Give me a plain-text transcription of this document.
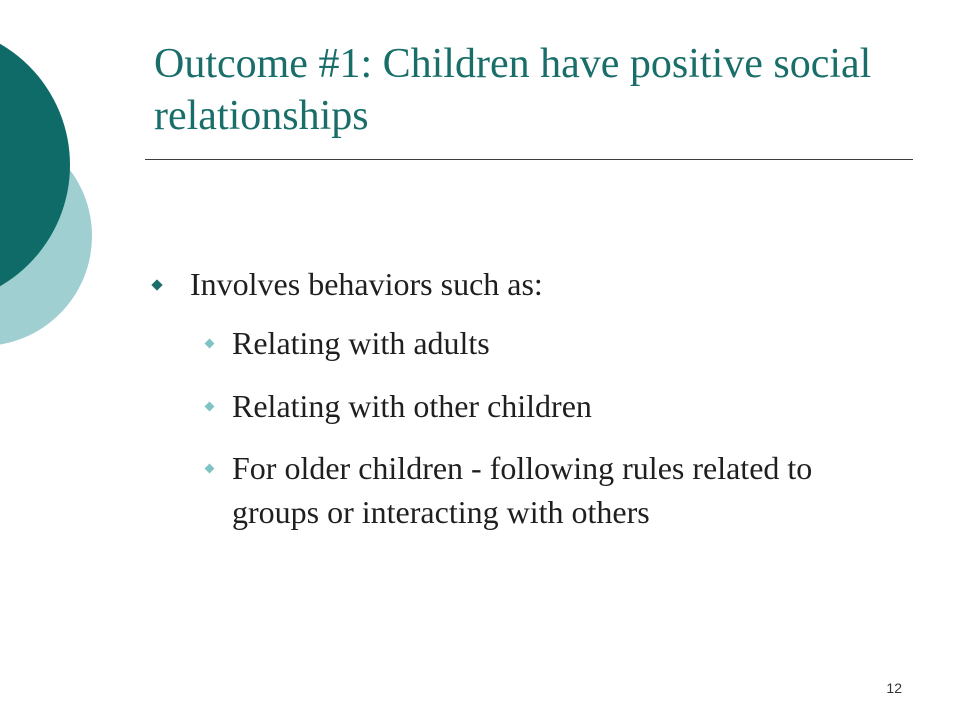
Outcome #1: Children have positive social relationships

Involves behaviors such as:

Relating with adults

Relating with other children

For older children - following rules related to groups or interacting with others

12
